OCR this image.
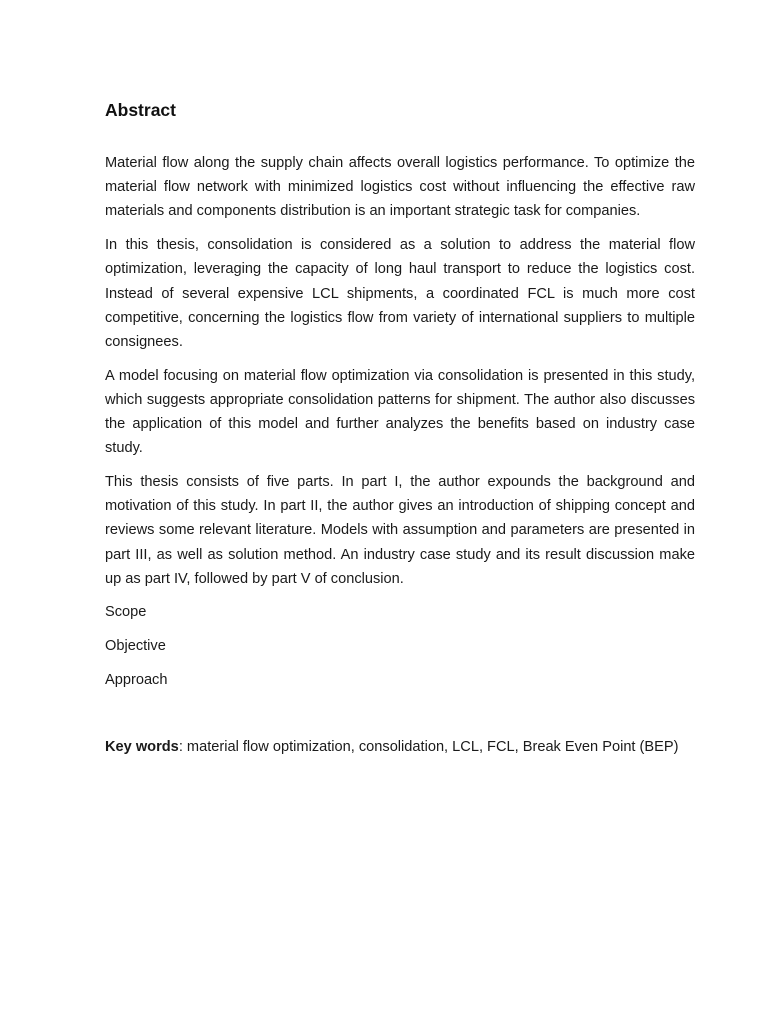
Abstract

Material flow along the supply chain affects overall logistics performance. To optimize the material flow network with minimized logistics cost without influencing the effective raw materials and components distribution is an important strategic task for companies.

In this thesis, consolidation is considered as a solution to address the material flow optimization, leveraging the capacity of long haul transport to reduce the logistics cost. Instead of several expensive LCL shipments, a coordinated FCL is much more cost competitive, concerning the logistics flow from variety of international suppliers to multiple consignees.

A model focusing on material flow optimization via consolidation is presented in this study, which suggests appropriate consolidation patterns for shipment. The author also discusses the application of this model and further analyzes the benefits based on industry case study.

This thesis consists of five parts. In part I, the author expounds the background and motivation of this study. In part II, the author gives an introduction of shipping concept and reviews some relevant literature. Models with assumption and parameters are presented in part III, as well as solution method. An industry case study and its result discussion make up as part IV, followed by part V of conclusion.

Scope
Objective
Approach

Key words: material flow optimization, consolidation, LCL, FCL, Break Even Point (BEP)
